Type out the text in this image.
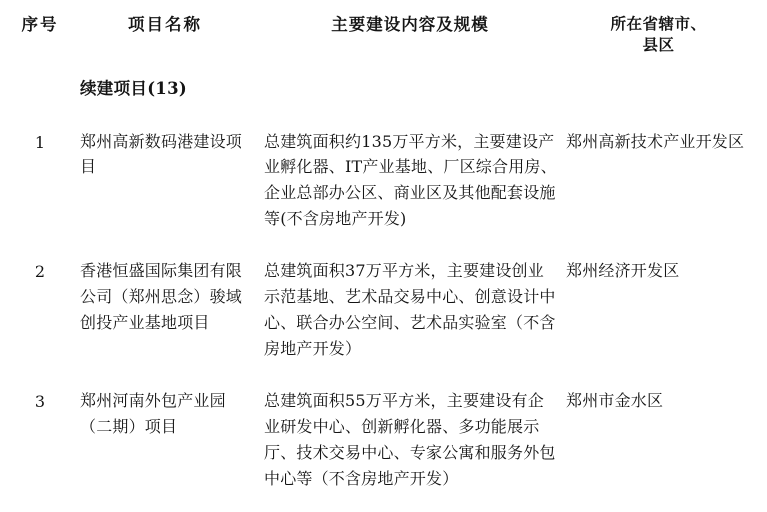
序号	项目名称	主要建设内容及规模	所在省辖市、
县区

	续建项目(13)		

1	郑州高新数码港建设项目	总建筑面积约135万平方米，主要建设产业孵化器、IT产业基地、厂区综合用房、企业总部办公区、商业区及其他配套设施等(不含房地产开发)	郑州高新技术产业开发区

2	香港恒盛国际集团有限公司（郑州思念）骏域创投产业基地项目	总建筑面积37万平方米，主要建设创业示范基地、艺术品交易中心、创意设计中心、联合办公空间、艺术品实验室（不含房地产开发）	郑州经济开发区

3	郑州河南外包产业园（二期）项目	总建筑面积55万平方米，主要建设有企业研发中心、创新孵化器、多功能展示厅、技术交易中心、专家公寓和服务外包中心等（不含房地产开发）	郑州市金水区
